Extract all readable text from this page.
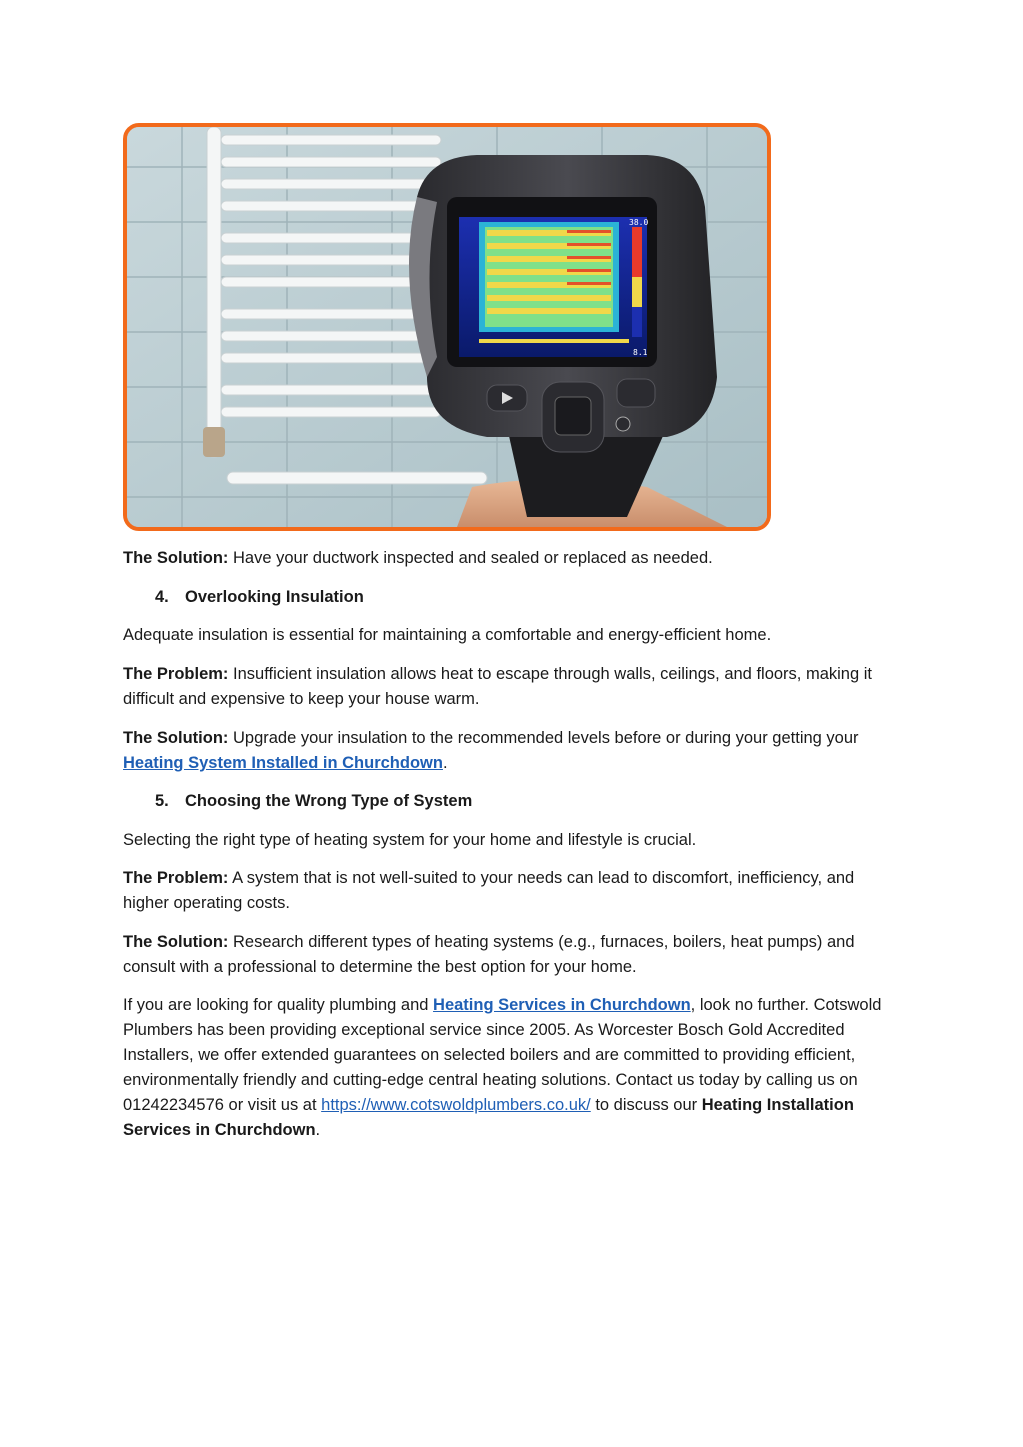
38.0
8.1

The Solution: Have your ductwork inspected and sealed or replaced as needed.

4. Overlooking Insulation

Adequate insulation is essential for maintaining a comfortable and energy-efficient home.

The Problem: Insufficient insulation allows heat to escape through walls, ceilings, and floors, making it difficult and expensive to keep your house warm.

The Solution: Upgrade your insulation to the recommended levels before or during your getting your Heating System Installed in Churchdown.

5. Choosing the Wrong Type of System

Selecting the right type of heating system for your home and lifestyle is crucial.

The Problem: A system that is not well-suited to your needs can lead to discomfort, inefficiency, and higher operating costs.

The Solution: Research different types of heating systems (e.g., furnaces, boilers, heat pumps) and consult with a professional to determine the best option for your home.

If you are looking for quality plumbing and Heating Services in Churchdown, look no further. Cotswold Plumbers has been providing exceptional service since 2005. As Worcester Bosch Gold Accredited Installers, we offer extended guarantees on selected boilers and are committed to providing efficient, environmentally friendly and cutting-edge central heating solutions. Contact us today by calling us on 01242234576 or visit us at https://www.cotswoldplumbers.co.uk/ to discuss our Heating Installation Services in Churchdown.
